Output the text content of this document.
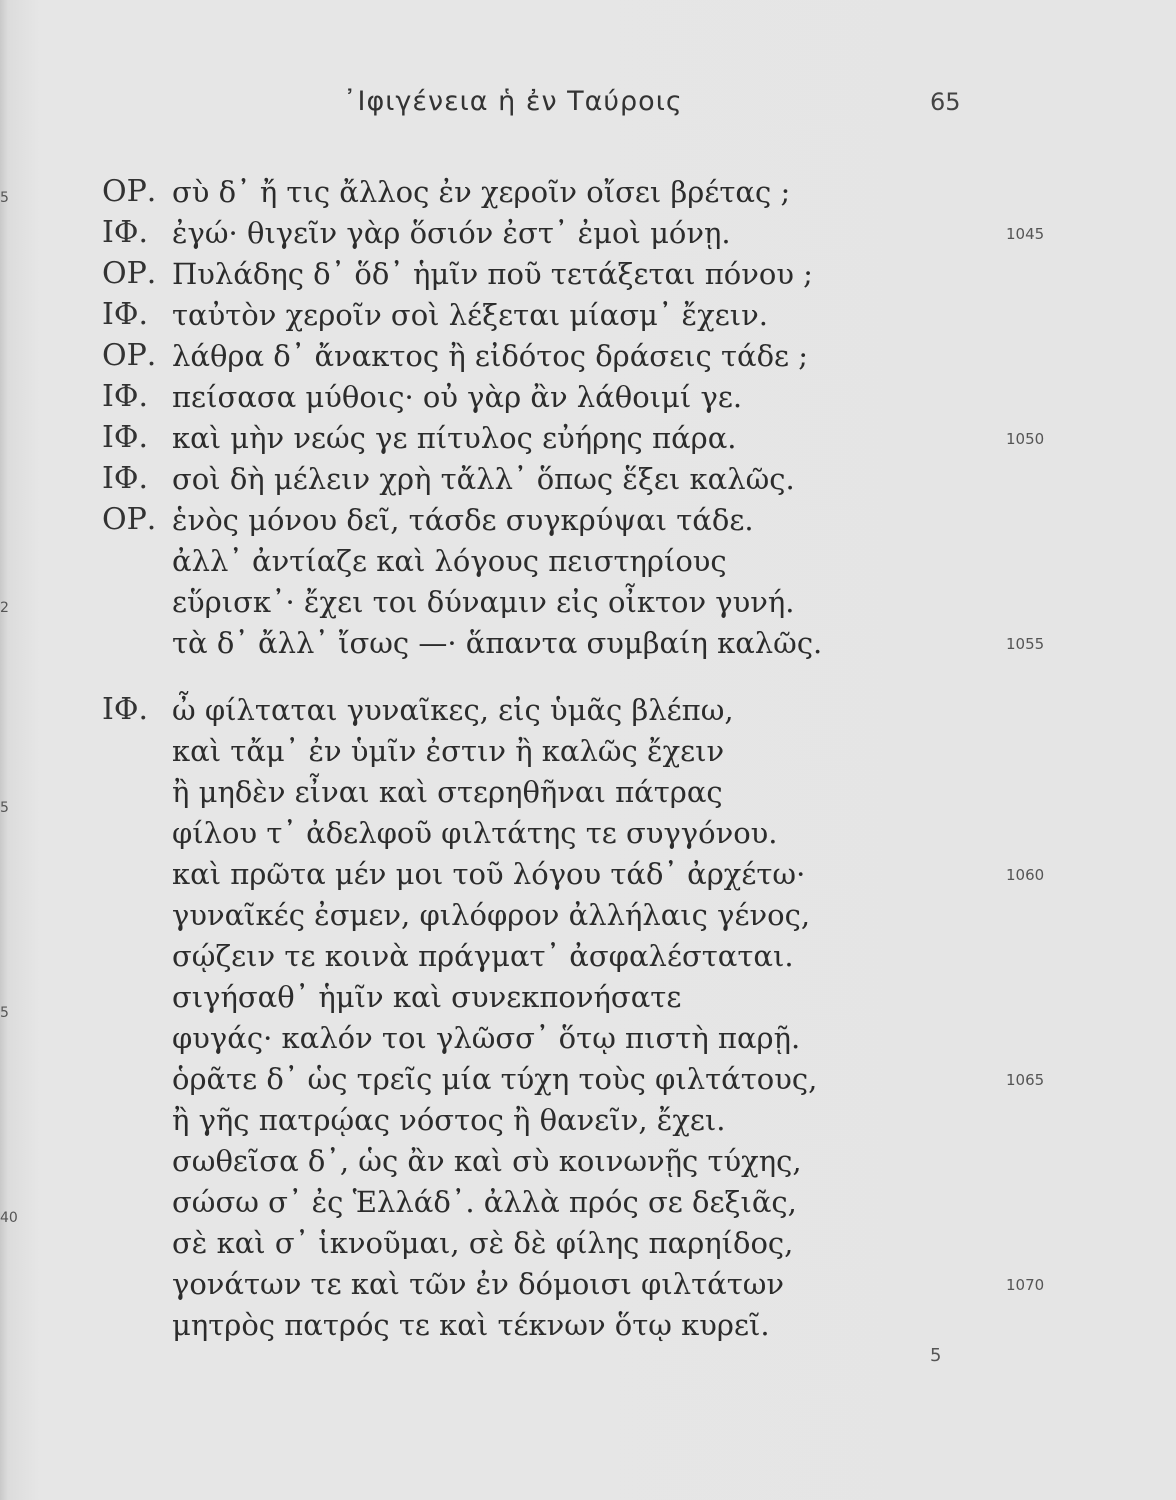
5
2
5
5
40
᾿Ιφιγένεια ἡ ἐν Ταύροις	65
ΟΡ. σὺ δ᾽ ἤ τις ἄλλος ἐν χεροῖν οἴσει βρέτας ;
ΙΦ. ἐγώ· θιγεῖν γὰρ ὅσιόν ἐστ᾽ ἐμοὶ μόνῃ.	1045
ΟΡ. Πυλάδης δ᾽ ὅδ᾽ ἡμῖν ποῦ τετάξεται πόνου ;
ΙΦ. ταὐτὸν χεροῖν σοὶ λέξεται μίασμ᾽ ἔχειν.
ΟΡ. λάθρα δ᾽ ἄνακτος ἢ εἰδότος δράσεις τάδε ;
ΙΦ. πείσασα μύθοις· οὐ γὰρ ἂν λάθοιμί γε.
ΙΦ. καὶ μὴν νεώς γε πίτυλος εὐήρης πάρα.	1050
ΙΦ. σοὶ δὴ μέλειν χρὴ τἄλλ᾽ ὅπως ἕξει καλῶς.
ΟΡ. ἑνὸς μόνου δεῖ, τάσδε συγκρύψαι τάδε.
ἀλλ᾽ ἀντίαζε καὶ λόγους πειστηρίους
εὕρισκ᾽· ἔχει τοι δύναμιν εἰς οἶκτον γυνή.
τὰ δ᾽ ἄλλ᾽ ἴσως —· ἅπαντα συμβαίη καλῶς.	1055
ΙΦ. ὦ φίλταται γυναῖκες, εἰς ὑμᾶς βλέπω,
καὶ τἄμ᾽ ἐν ὑμῖν ἐστιν ἢ καλῶς ἔχειν
ἢ μηδὲν εἶναι καὶ στερηθῆναι πάτρας
φίλου τ᾽ ἀδελφοῦ φιλτάτης τε συγγόνου.
καὶ πρῶτα μέν μοι τοῦ λόγου τάδ᾽ ἀρχέτω·	1060
γυναῖκές ἐσμεν, φιλόφρον ἀλλήλαις γένος,
σῴζειν τε κοινὰ πράγματ᾽ ἀσφαλέσταται.
σιγήσαθ᾽ ἡμῖν καὶ συνεκπονήσατε
φυγάς· καλόν τοι γλῶσσ᾽ ὅτῳ πιστὴ παρῇ.
ὁρᾶτε δ᾽ ὡς τρεῖς μία τύχη τοὺς φιλτάτους,	1065
ἢ γῆς πατρῴας νόστος ἢ θανεῖν, ἔχει.
σωθεῖσα δ᾽, ὡς ἂν καὶ σὺ κοινωνῇς τύχης,
σώσω σ᾽ ἐς Ἑλλάδ᾽. ἀλλὰ πρός σε δεξιᾶς,
σὲ καὶ σ᾽ ἱκνοῦμαι, σὲ δὲ φίλης παρηίδος,
γονάτων τε καὶ τῶν ἐν δόμοισι φιλτάτων	1070
μητρὸς πατρός τε καὶ τέκνων ὅτῳ κυρεῖ.
5
